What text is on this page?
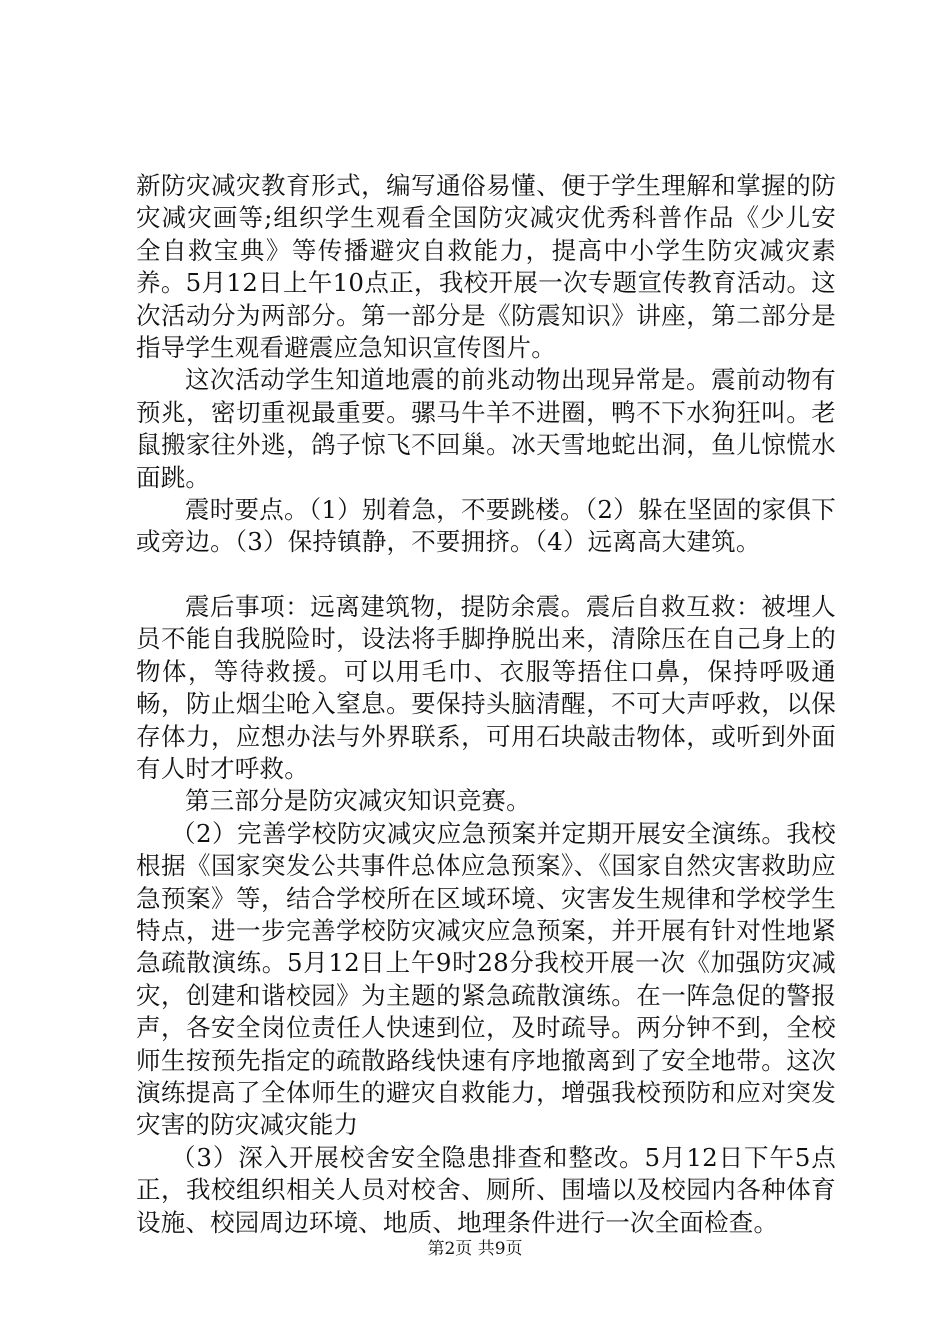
新防灾减灾教育形式，编写通俗易懂、便于学生理解和掌握的防灾减灾画等;组织学生观看全国防灾减灾优秀科普作品《少儿安全自救宝典》等传播避灾自救能力，提高中小学生防灾减灾素养。5月12日上午10点正，我校开展一次专题宣传教育活动。这次活动分为两部分。第一部分是《防震知识》讲座，第二部分是指导学生观看避震应急知识宣传图片。

这次活动学生知道地震的前兆动物出现异常是。震前动物有预兆，密切重视最重要。骡马牛羊不进圈，鸭不下水狗狂叫。老鼠搬家往外逃，鸽子惊飞不回巢。冰天雪地蛇出洞，鱼儿惊慌水面跳。

震时要点。（1）别着急，不要跳楼。（2）躲在坚固的家俱下或旁边。（3）保持镇静，不要拥挤。（4）远离高大建筑。

震后事项：远离建筑物，提防余震。震后自救互救：被埋人员不能自我脱险时，设法将手脚挣脱出来，清除压在自己身上的物体，等待救援。可以用毛巾、衣服等捂住口鼻，保持呼吸通畅，防止烟尘呛入窒息。要保持头脑清醒，不可大声呼救，以保存体力，应想办法与外界联系，可用石块敲击物体，或听到外面有人时才呼救。

第三部分是防灾减灾知识竞赛。

（2）完善学校防灾减灾应急预案并定期开展安全演练。我校根据《国家突发公共事件总体应急预案》、《国家自然灾害救助应急预案》等，结合学校所在区域环境、灾害发生规律和学校学生特点，进一步完善学校防灾减灾应急预案，并开展有针对性地紧急疏散演练。5月12日上午9时28分我校开展一次《加强防灾减灾，创建和谐校园》为主题的紧急疏散演练。在一阵急促的警报声，各安全岗位责任人快速到位，及时疏导。两分钟不到，全校师生按预先指定的疏散路线快速有序地撤离到了安全地带。这次演练提高了全体师生的避灾自救能力，增强我校预防和应对突发灾害的防灾减灾能力

（3）深入开展校舍安全隐患排查和整改。5月12日下午5点正，我校组织相关人员对校舍、厕所、围墙以及校园内各种体育设施、校园周边环境、地质、地理条件进行一次全面检查。

第2页 共9页
